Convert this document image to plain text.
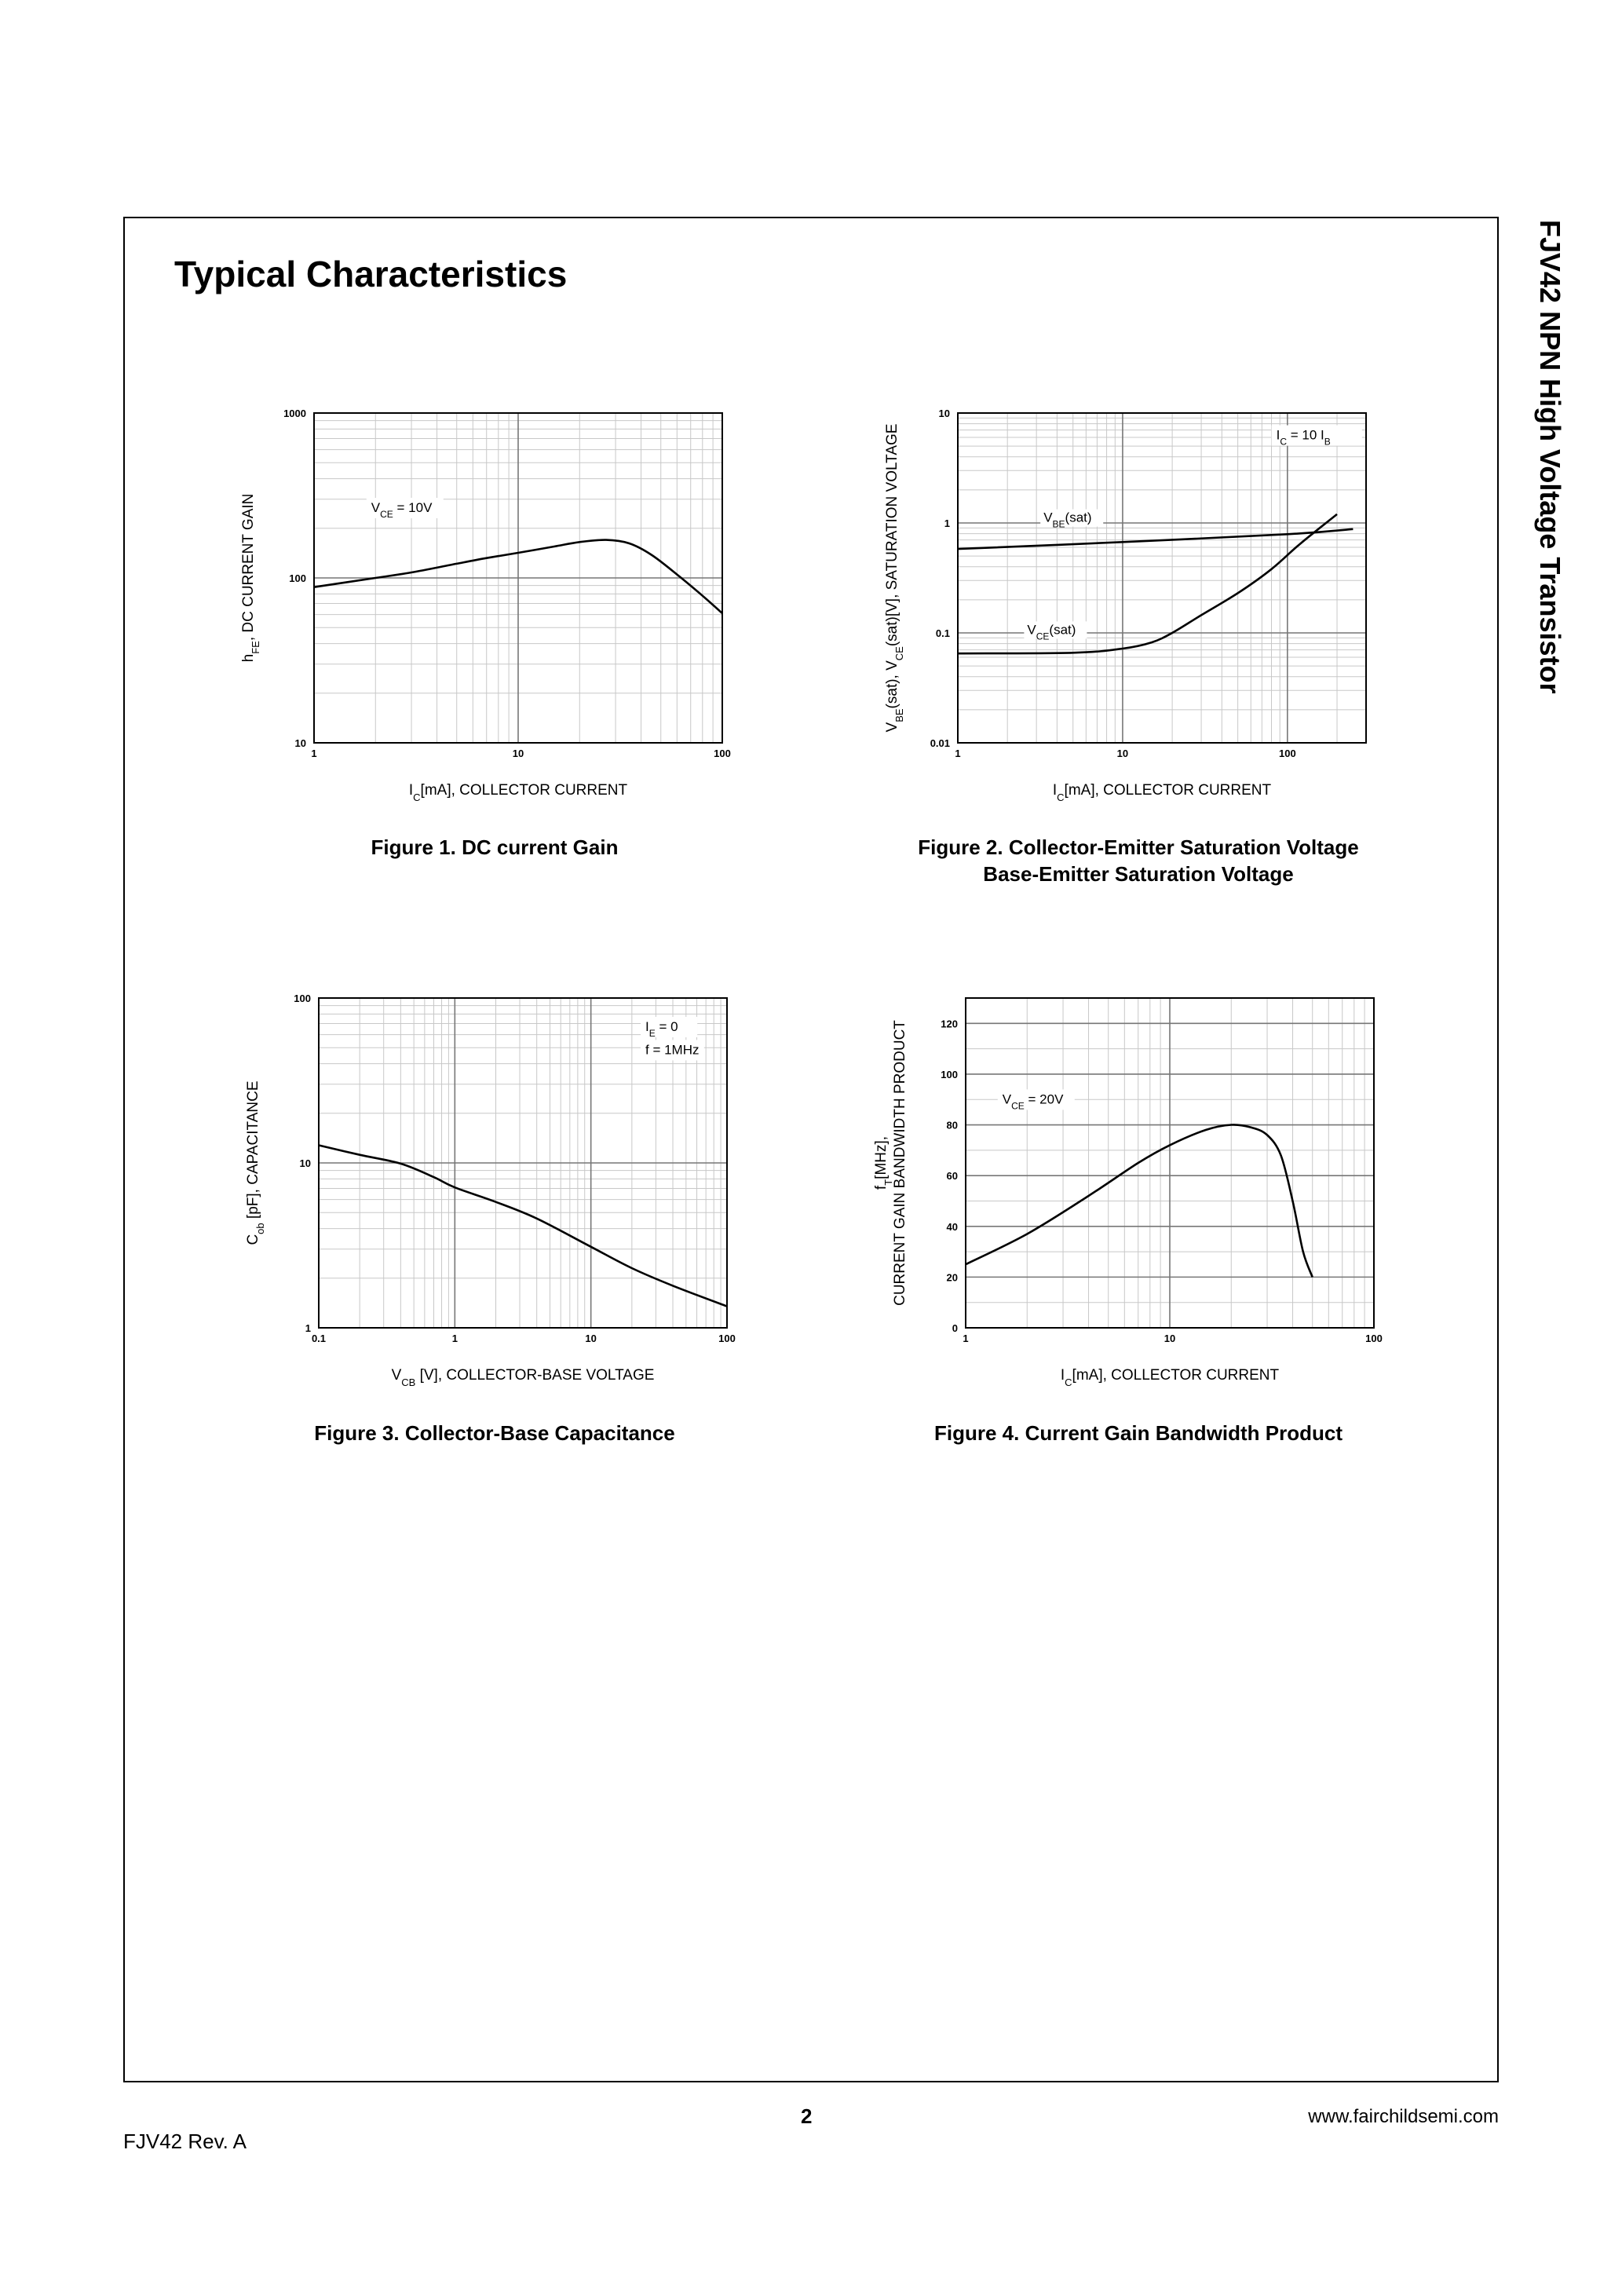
FJV42 NPN High Voltage Transistor
Typical Characteristics
1	10	100
10
100
1000
$I_C[mA]$, COLLECTOR CURRENT
$h_{FE}$, DC CURRENT GAIN	$V_{CE} = 10V$
Figure 1. DC current Gain
1	10	100
0.01
0.1
1
10
$I_C[mA]$, COLLECTOR CURRENT
$V_{BE}(sat)$, $V_{CE}(sat)[V]$, SATURATION VOLTAGE	$I_C = 10$ $I_B$
$V_{BE}(sat)$
$V_{CE}(sat)$
Figure 2. Collector-Emitter Saturation Voltage
Base-Emitter Saturation Voltage
0.1	1	10	100
1
10
100
$V_{CB}$ [V], COLLECTOR-BASE VOLTAGE
$C_{ob}$ [pF], CAPACITANCE
$I_E = 0$
f = 1MHz
Figure 3. Collector-Base Capacitance
1	10	100
0
20
40
60
80
100
120
$I_C[mA]$, COLLECTOR CURRENT
$f_T[MHz]$, CURRENT GAIN BANDWIDTH PRODUCT	$V_{CE} = 20V$
Figure 4. Current Gain Bandwidth Product
2	www.fairchildsemi.com
FJV42 Rev. A
